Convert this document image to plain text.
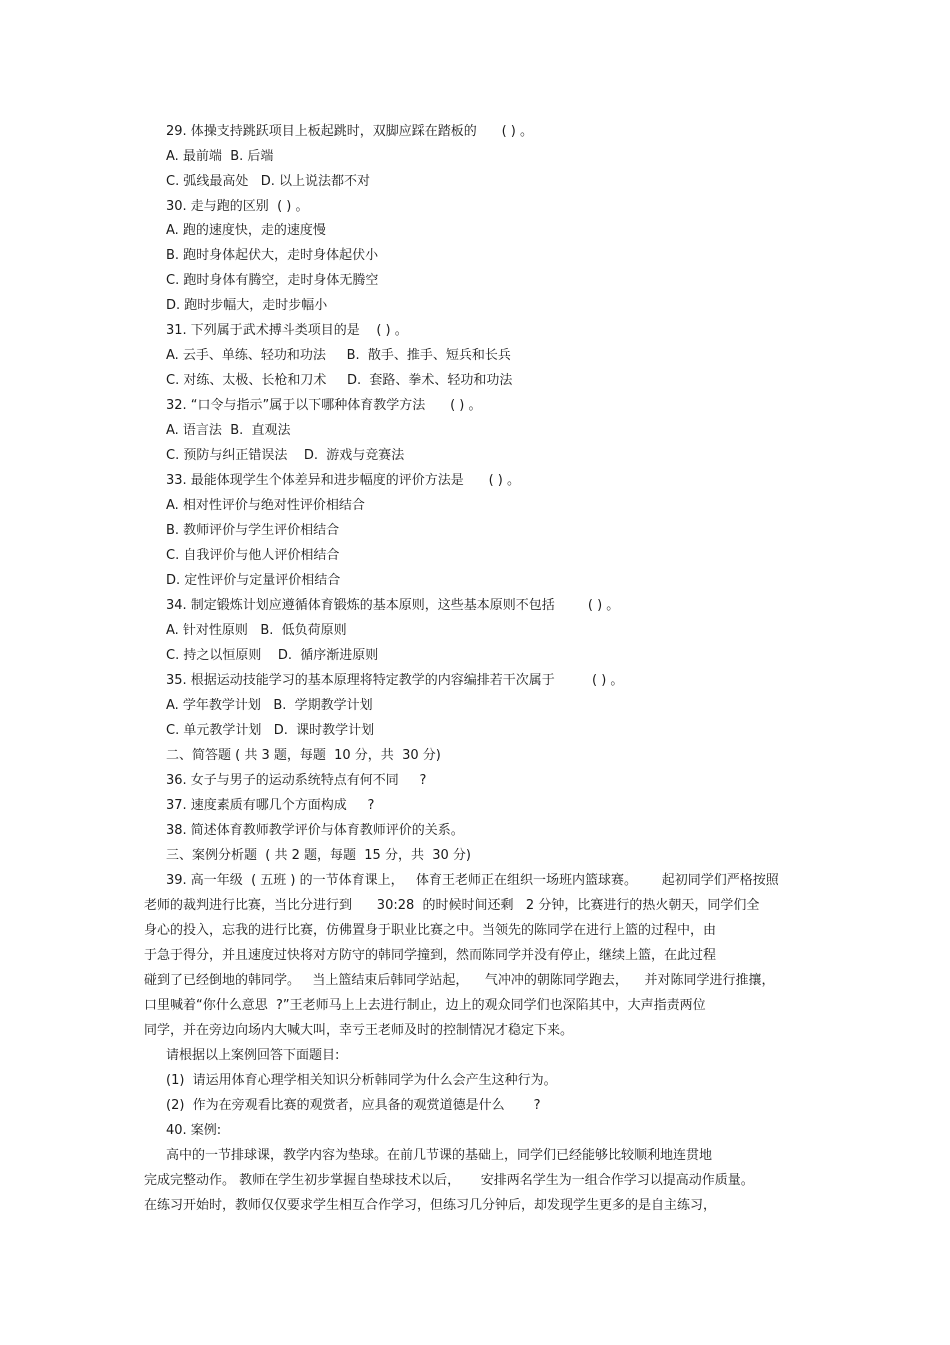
29. 体操支持跳跃项目上板起跳时，双脚应踩在踏板的      ( ) 。
A. 最前端  B. 后端
C. 弧线最高处   D. 以上说法都不对
30. 走与跑的区别  ( ) 。
A. 跑的速度快，走的速度慢
B. 跑时身体起伏大，走时身体起伏小
C. 跑时身体有腾空，走时身体无腾空
D. 跑时步幅大，走时步幅小
31. 下列属于武术搏斗类项目的是    ( ) 。
A. 云手、单练、轻功和功法     B.  散手、推手、短兵和长兵
C. 对练、太极、长枪和刀术     D.  套路、拳术、轻功和功法
32. “口令与指示”属于以下哪种体育教学方法      ( ) 。
A. 语言法  B.  直观法
C. 预防与纠正错误法    D.  游戏与竞赛法
33. 最能体现学生个体差异和进步幅度的评价方法是      ( ) 。
A. 相对性评价与绝对性评价相结合
B. 教师评价与学生评价相结合
C. 自我评价与他人评价相结合
D. 定性评价与定量评价相结合
34. 制定锻炼计划应遵循体育锻炼的基本原则，这些基本原则不包括        ( ) 。
A. 针对性原则   B.  低负荷原则
C. 持之以恒原则    D.  循序渐进原则
35. 根据运动技能学习的基本原理将特定教学的内容编排若干次属于         ( ) 。
A. 学年教学计划   B.  学期教学计划
C. 单元教学计划   D.  课时教学计划
二、简答题 ( 共 3 题，每题  10 分，共  30 分)
36. 女子与男子的运动系统特点有何不同     ?
37. 速度素质有哪几个方面构成     ?
38. 简述体育教师教学评价与体育教师评价的关系。
三、案例分析题  ( 共 2 题，每题  15 分，共  30 分)
39. 高一年级  ( 五班 ) 的一节体育课上，   体育王老师正在组织一场班内篮球赛。      起初同学们严格按照
老师的裁判进行比赛，当比分进行到      30:28  的时候时间还剩   2 分钟，比赛进行的热火朝天，同学们全
身心的投入，忘我的进行比赛，仿佛置身于职业比赛之中。当领先的陈同学在进行上篮的过程中，由
于急于得分，并且速度过快将对方防守的韩同学撞到，然而陈同学并没有停止，继续上篮，在此过程
碰到了已经倒地的韩同学。   当上篮结束后韩同学站起，    气冲冲的朝陈同学跑去，    并对陈同学进行推攘，
口里喊着“你什么意思  ?”王老师马上上去进行制止，边上的观众同学们也深陷其中，大声指责两位
同学，并在旁边向场内大喊大叫，幸亏王老师及时的控制情况才稳定下来。
请根据以上案例回答下面题目:
(1)  请运用体育心理学相关知识分析韩同学为什么会产生这种行为。
(2)  作为在旁观看比赛的观赏者，应具备的观赏道德是什么       ?
40. 案例:
高中的一节排球课，教学内容为垫球。在前几节课的基础上，同学们已经能够比较顺利地连贯地
完成完整动作。 教师在学生初步掌握自垫球技术以后，     安排两名学生为一组合作学习以提高动作质量。
在练习开始时，教师仅仅要求学生相互合作学习，但练习几分钟后，却发现学生更多的是自主练习，
